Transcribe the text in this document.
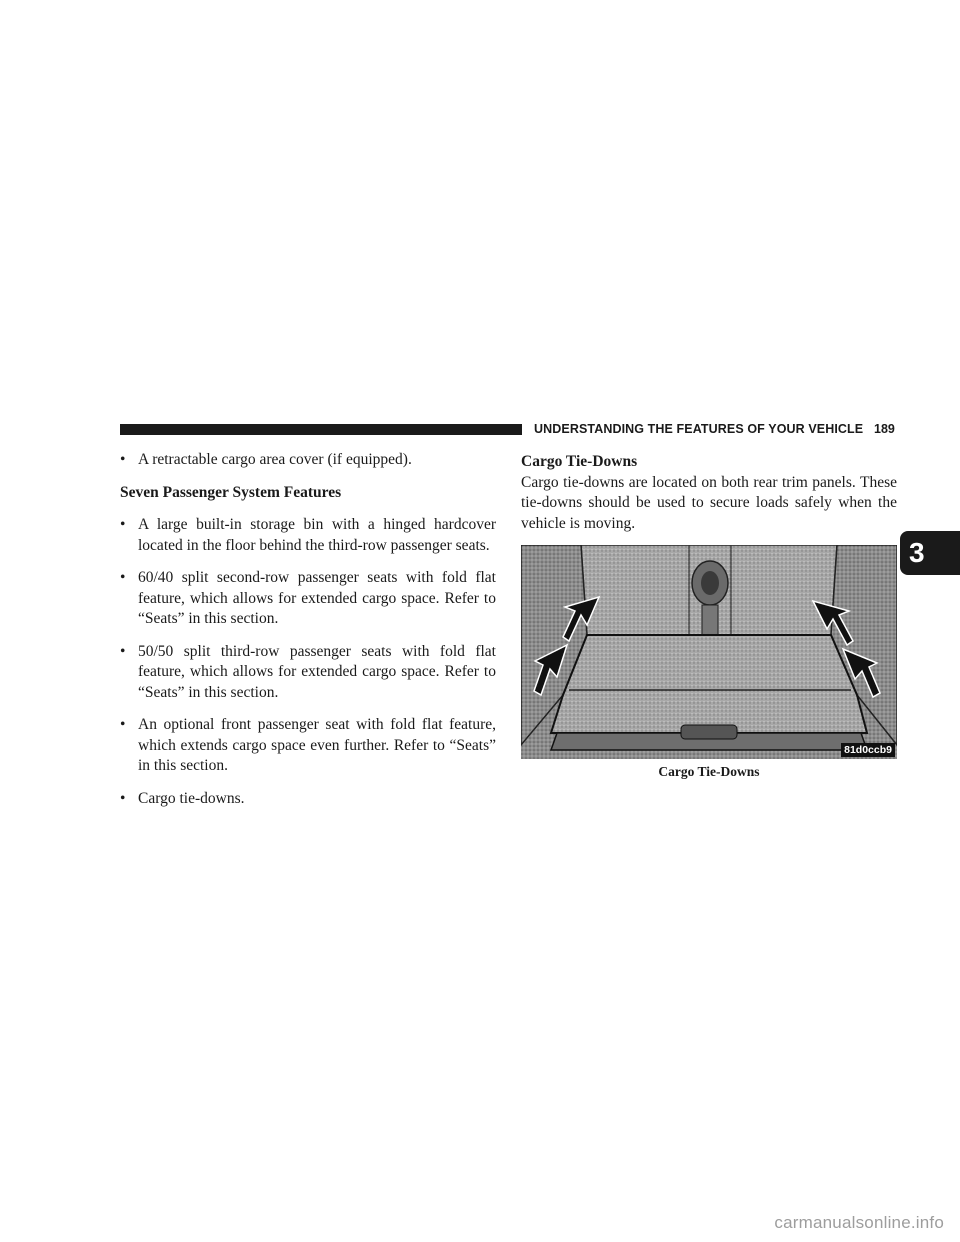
UNDERSTANDING THE FEATURES OF YOUR VEHICLE 189
3
• A retractable cargo area cover (if equipped).
Seven Passenger System Features
• A large built-in storage bin with a hinged hardcover located in the floor behind the third-row passenger seats.
• 60/40 split second-row passenger seats with fold flat feature, which allows for extended cargo space. Refer to “Seats” in this section.
• 50/50 split third-row passenger seats with fold flat feature, which allows for extended cargo space. Refer to “Seats” in this section.
• An optional front passenger seat with fold flat feature, which extends cargo space even further. Refer to “Seats” in this section.
• Cargo tie-downs.
Cargo Tie-Downs
Cargo tie-downs are located on both rear trim panels. These tie-downs should be used to secure loads safely when the vehicle is moving.
81d0ccb9
Cargo Tie-Downs
carmanualsonline.info
